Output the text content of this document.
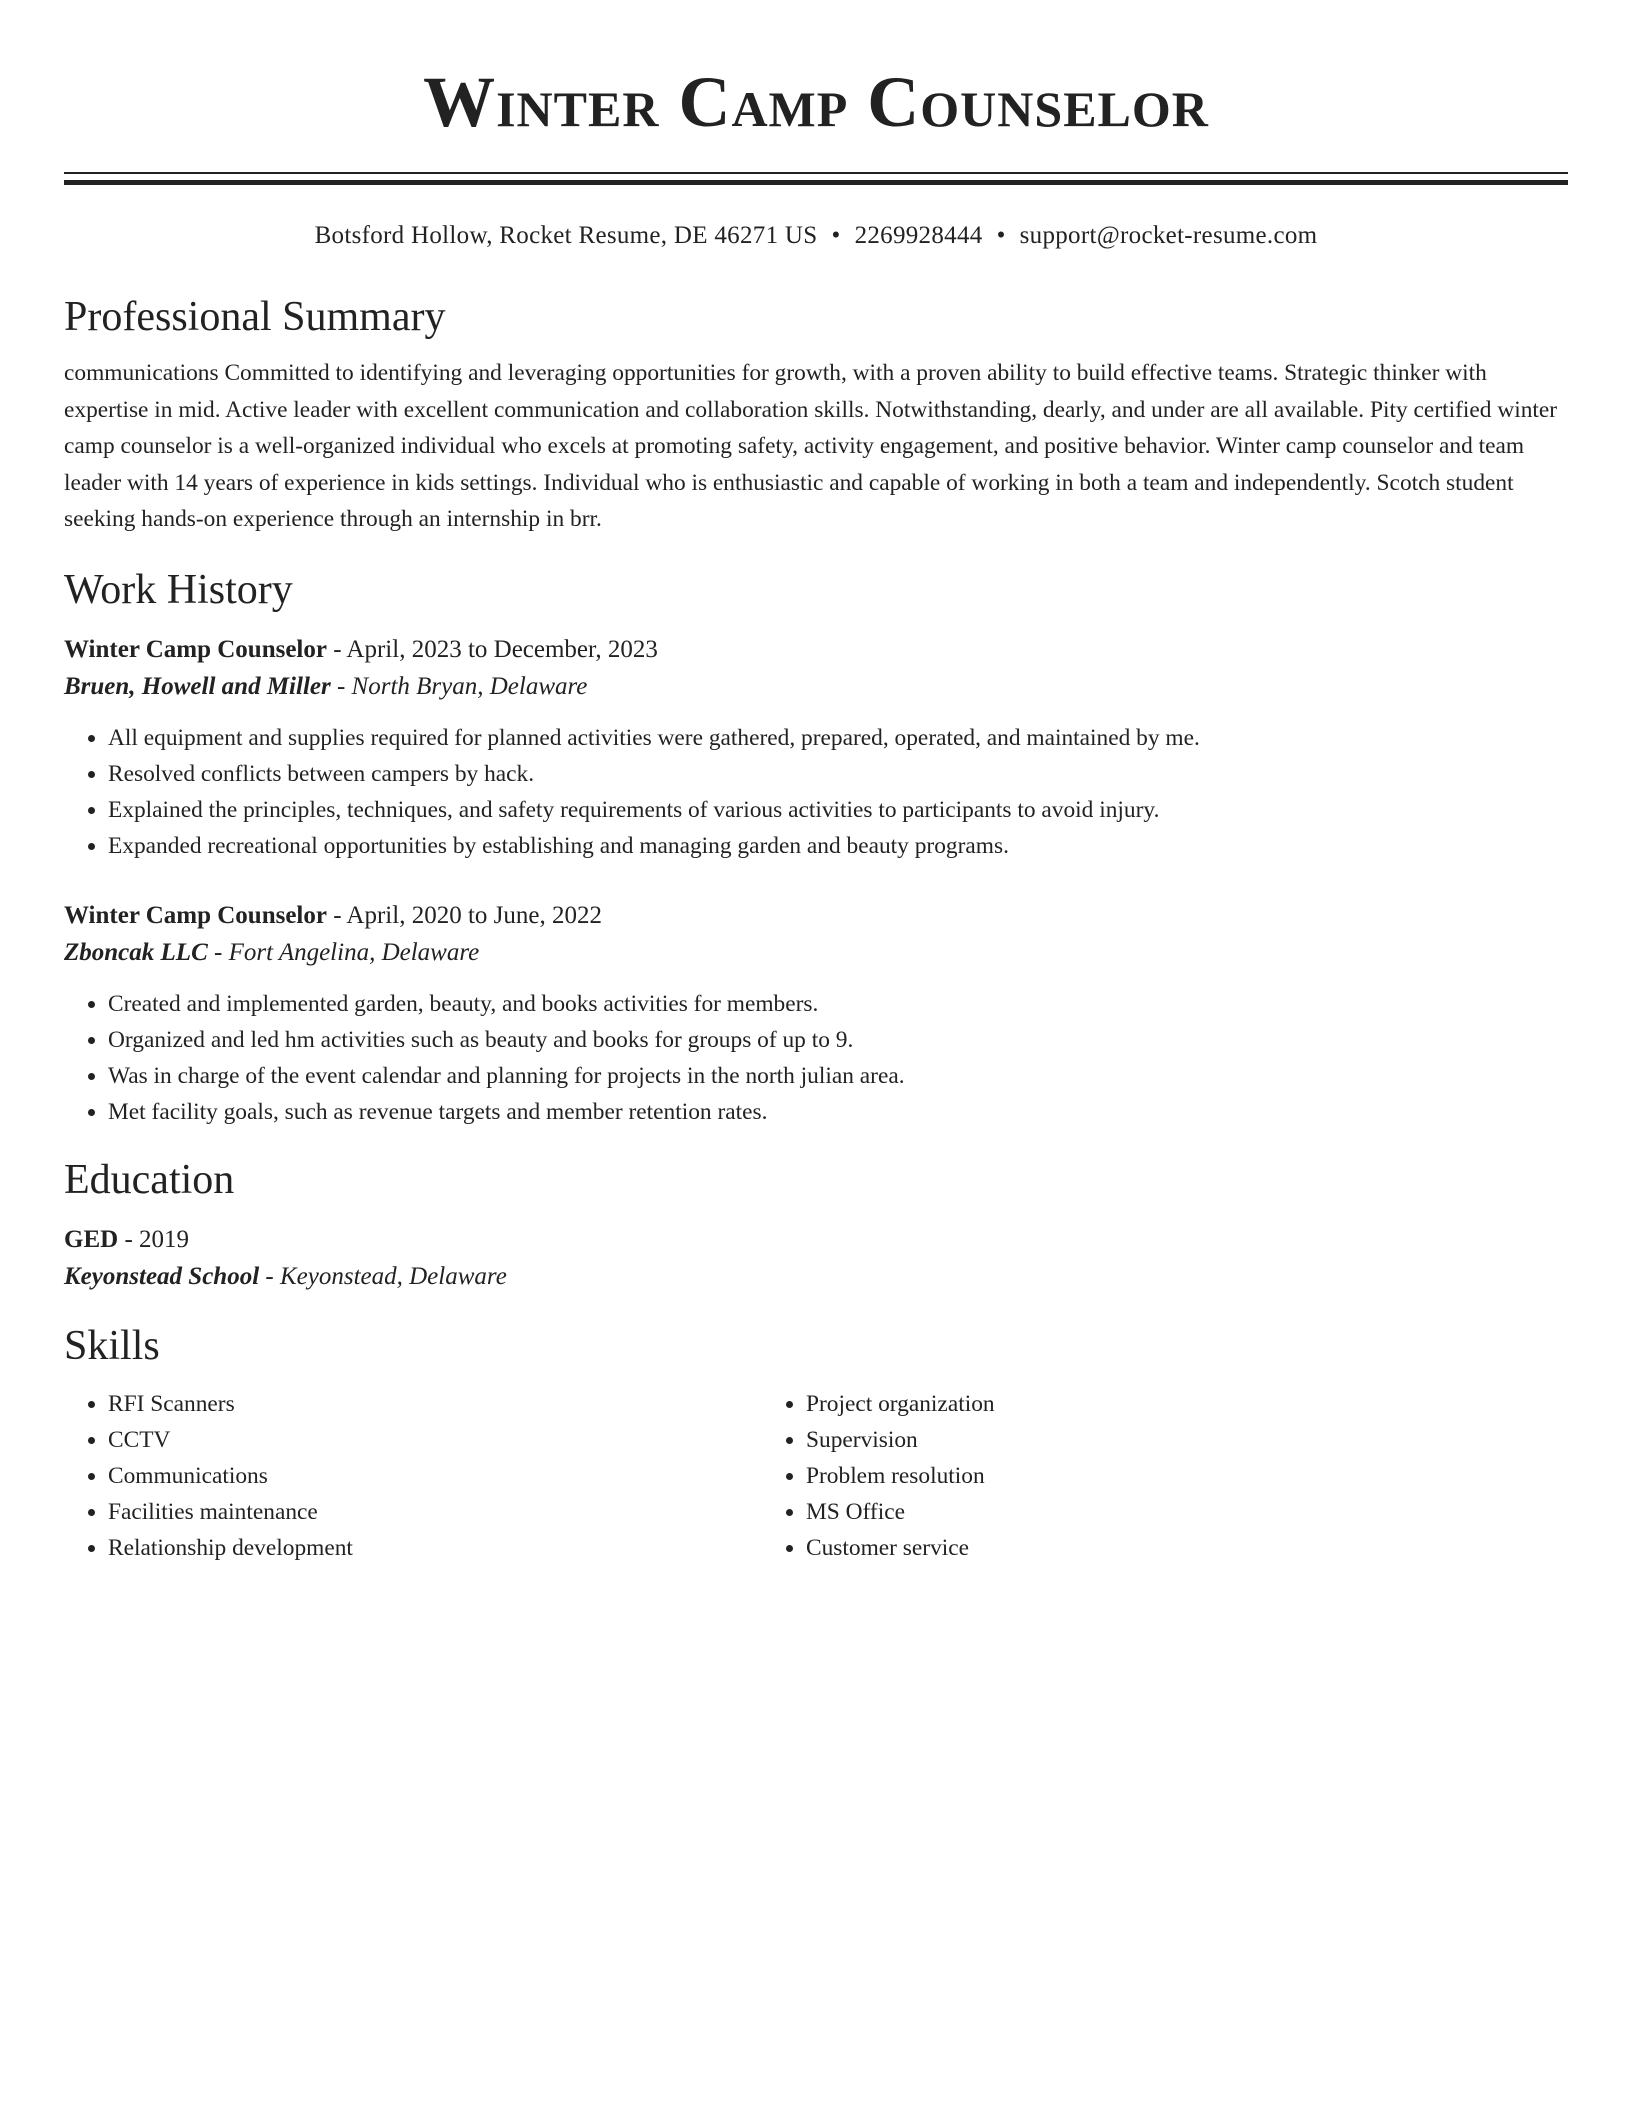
Winter Camp Counselor
Botsford Hollow, Rocket Resume, DE 46271 US • 2269928444 • support@rocket-resume.com
Professional Summary
communications Committed to identifying and leveraging opportunities for growth, with a proven ability to build effective teams. Strategic thinker with expertise in mid. Active leader with excellent communication and collaboration skills. Notwithstanding, dearly, and under are all available. Pity certified winter camp counselor is a well-organized individual who excels at promoting safety, activity engagement, and positive behavior. Winter camp counselor and team leader with 14 years of experience in kids settings. Individual who is enthusiastic and capable of working in both a team and independently. Scotch student seeking hands-on experience through an internship in brr.
Work History
Winter Camp Counselor - April, 2023 to December, 2023
Bruen, Howell and Miller - North Bryan, Delaware
• All equipment and supplies required for planned activities were gathered, prepared, operated, and maintained by me.
• Resolved conflicts between campers by hack.
• Explained the principles, techniques, and safety requirements of various activities to participants to avoid injury.
• Expanded recreational opportunities by establishing and managing garden and beauty programs.
Winter Camp Counselor - April, 2020 to June, 2022
Zboncak LLC - Fort Angelina, Delaware
• Created and implemented garden, beauty, and books activities for members.
• Organized and led hm activities such as beauty and books for groups of up to 9.
• Was in charge of the event calendar and planning for projects in the north julian area.
• Met facility goals, such as revenue targets and member retention rates.
Education
GED - 2019
Keyonstead School - Keyonstead, Delaware
Skills
• RFI Scanners
• CCTV
• Communications
• Facilities maintenance
• Relationship development
• Project organization
• Supervision
• Problem resolution
• MS Office
• Customer service
